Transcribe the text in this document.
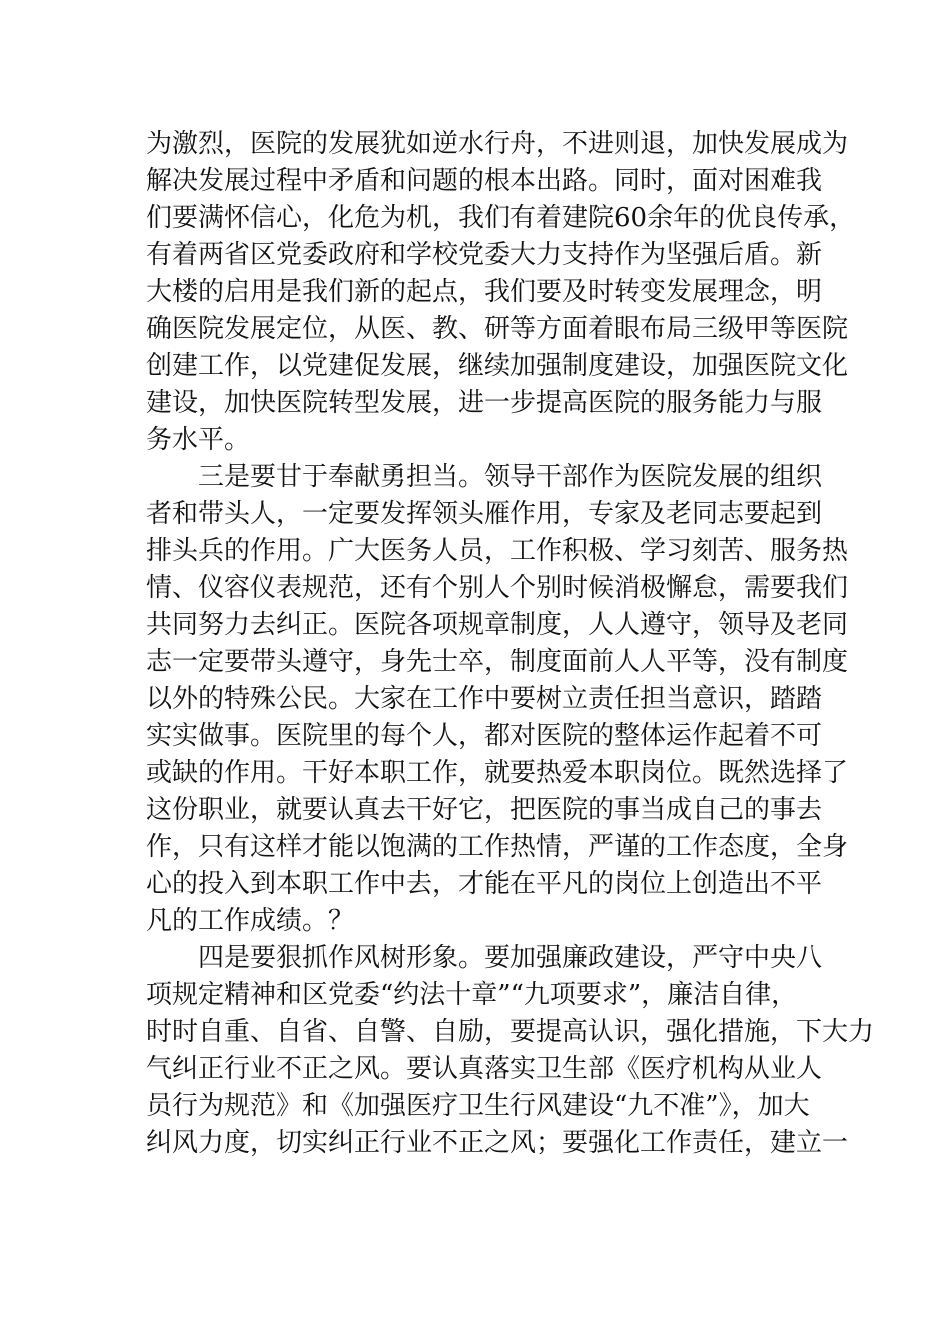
为激烈，医院的发展犹如逆水行舟，不进则退，加快发展成为
解决发展过程中矛盾和问题的根本出路。同时，面对困难我
们要满怀信心，化危为机，我们有着建院60余年的优良传承，
有着两省区党委政府和学校党委大力支持作为坚强后盾。新
大楼的启用是我们新的起点，我们要及时转变发展理念，明
确医院发展定位，从医、教、研等方面着眼布局三级甲等医院
创建工作，以党建促发展，继续加强制度建设，加强医院文化
建设，加快医院转型发展，进一步提高医院的服务能力与服
务水平。
三是要甘于奉献勇担当。领导干部作为医院发展的组织
者和带头人，一定要发挥领头雁作用，专家及老同志要起到
排头兵的作用。广大医务人员，工作积极、学习刻苦、服务热
情、仪容仪表规范，还有个别人个别时候消极懈怠，需要我们
共同努力去纠正。医院各项规章制度，人人遵守，领导及老同
志一定要带头遵守，身先士卒，制度面前人人平等，没有制度
以外的特殊公民。大家在工作中要树立责任担当意识，踏踏
实实做事。医院里的每个人，都对医院的整体运作起着不可
或缺的作用。干好本职工作，就要热爱本职岗位。既然选择了
这份职业，就要认真去干好它，把医院的事当成自己的事去
作，只有这样才能以饱满的工作热情，严谨的工作态度，全身
心的投入到本职工作中去，才能在平凡的岗位上创造出不平
凡的工作成绩。？
四是要狠抓作风树形象。要加强廉政建设，严守中央八
项规定精神和区党委“约法十章”“九项要求”，廉洁自律，
时时自重、自省、自警、自励，要提高认识，强化措施，下大力
气纠正行业不正之风。要认真落实卫生部《医疗机构从业人
员行为规范》和《加强医疗卫生行风建设“九不准”》，加大
纠风力度，切实纠正行业不正之风；要强化工作责任，建立一
